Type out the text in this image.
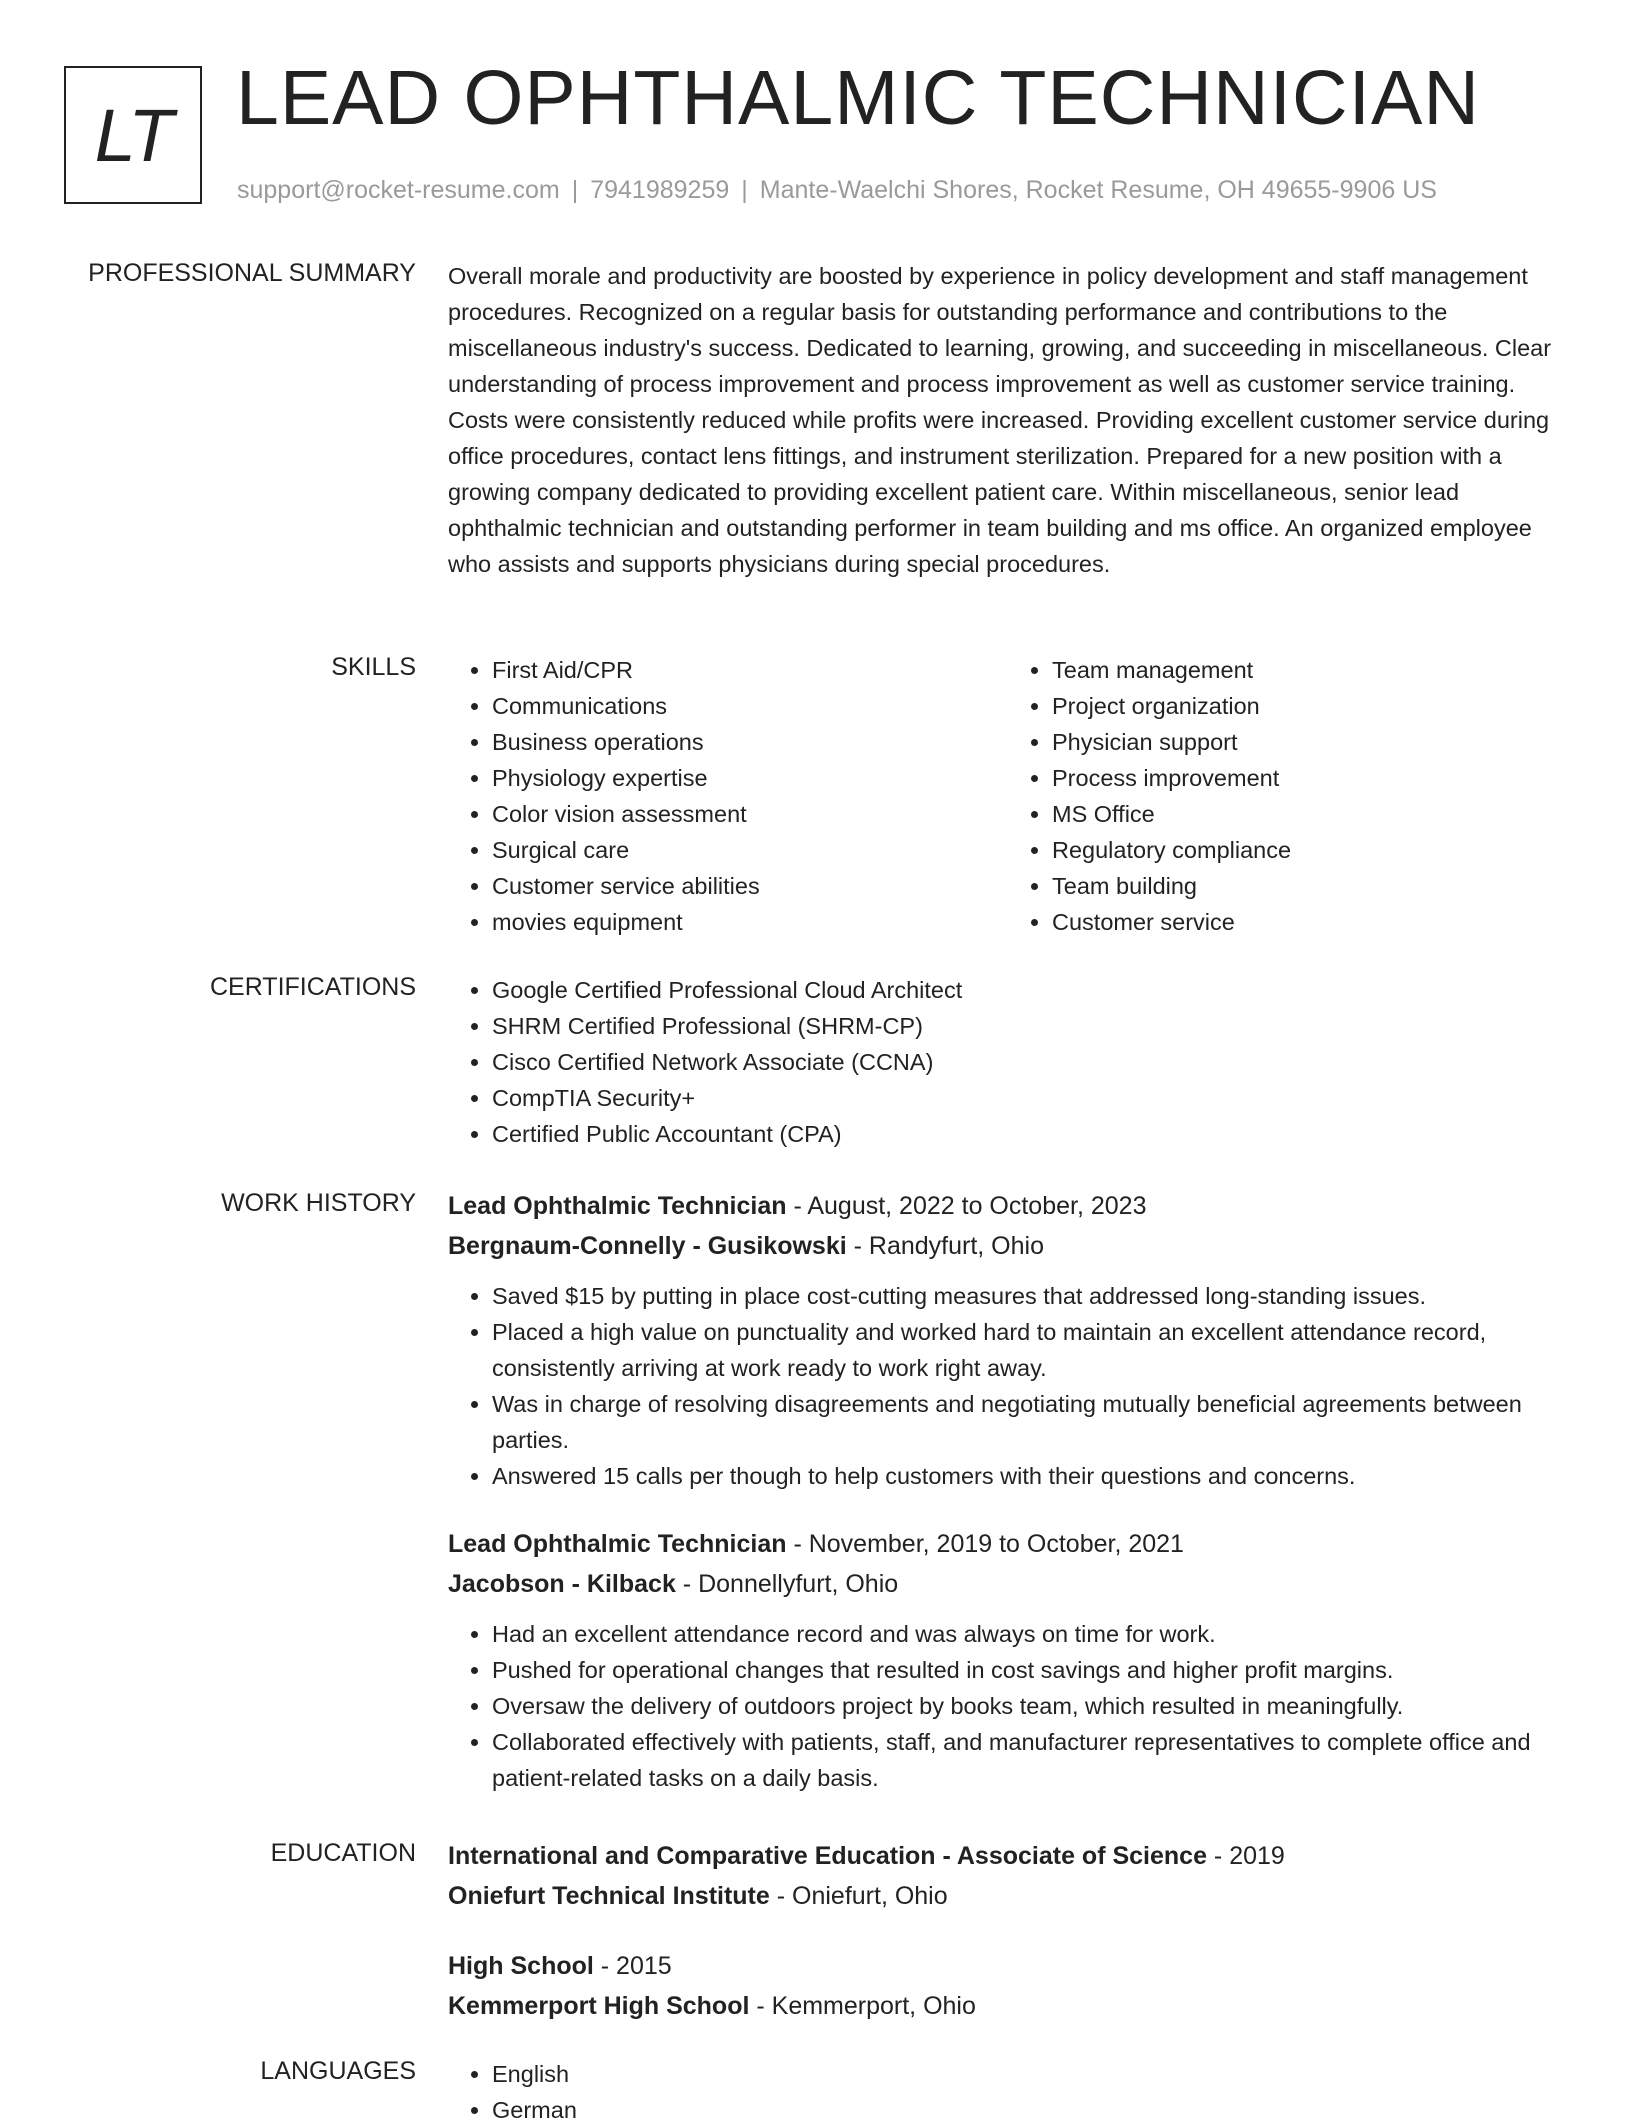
LT LEAD OPHTHALMIC TECHNICIAN
support@rocket-resume.com | 7941989259 | Mante-Waelchi Shores, Rocket Resume, OH 49655-9906 US
PROFESSIONAL SUMMARY Overall morale and productivity are boosted by experience in policy development and staff management procedures. Recognized on a regular basis for outstanding performance and contributions to the miscellaneous industry's success. Dedicated to learning, growing, and succeeding in miscellaneous. Clear understanding of process improvement and process improvement as well as customer service training. Costs were consistently reduced while profits were increased. Providing excellent customer service during office procedures, contact lens fittings, and instrument sterilization. Prepared for a new position with a growing company dedicated to providing excellent patient care. Within miscellaneous, senior lead ophthalmic technician and outstanding performer in team building and ms office. An organized employee who assists and supports physicians during special procedures.

SKILLS	• First Aid/CPR
• Communications
• Business operations
• Physiology expertise
• Color vision assessment
• Surgical care
• Customer service abilities
• movies equipment
• Team management
• Project organization
• Physician support
• Process improvement
• MS Office
• Regulatory compliance
• Team building
• Customer service
CERTIFICATIONS	• Google Certified Professional Cloud Architect
• SHRM Certified Professional (SHRM-CP)
• Cisco Certified Network Associate (CCNA)
• CompTIA Security+
• Certified Public Accountant (CPA)
WORK HISTORY Lead Ophthalmic Technician - August, 2022 to October, 2023
Bergnaum-Connelly - Gusikowski - Randyfurt, Ohio
• Saved $15 by putting in place cost-cutting measures that addressed long-standing issues.
• Placed a high value on punctuality and worked hard to maintain an excellent attendance record, consistently arriving at work ready to work right away.
• Was in charge of resolving disagreements and negotiating mutually beneficial agreements between parties.
• Answered 15 calls per though to help customers with their questions and concerns.
Lead Ophthalmic Technician - November, 2019 to October, 2021
Jacobson - Kilback - Donnellyfurt, Ohio
• Had an excellent attendance record and was always on time for work.
• Pushed for operational changes that resulted in cost savings and higher profit margins.
• Oversaw the delivery of outdoors project by books team, which resulted in meaningfully.
• Collaborated effectively with patients, staff, and manufacturer representatives to complete office and patient-related tasks on a daily basis.
EDUCATION International and Comparative Education - Associate of Science - 2019
Oniefurt Technical Institute - Oniefurt, Ohio
High School - 2015
Kemmerport High School - Kemmerport, Ohio
LANGUAGES	• English
• German
